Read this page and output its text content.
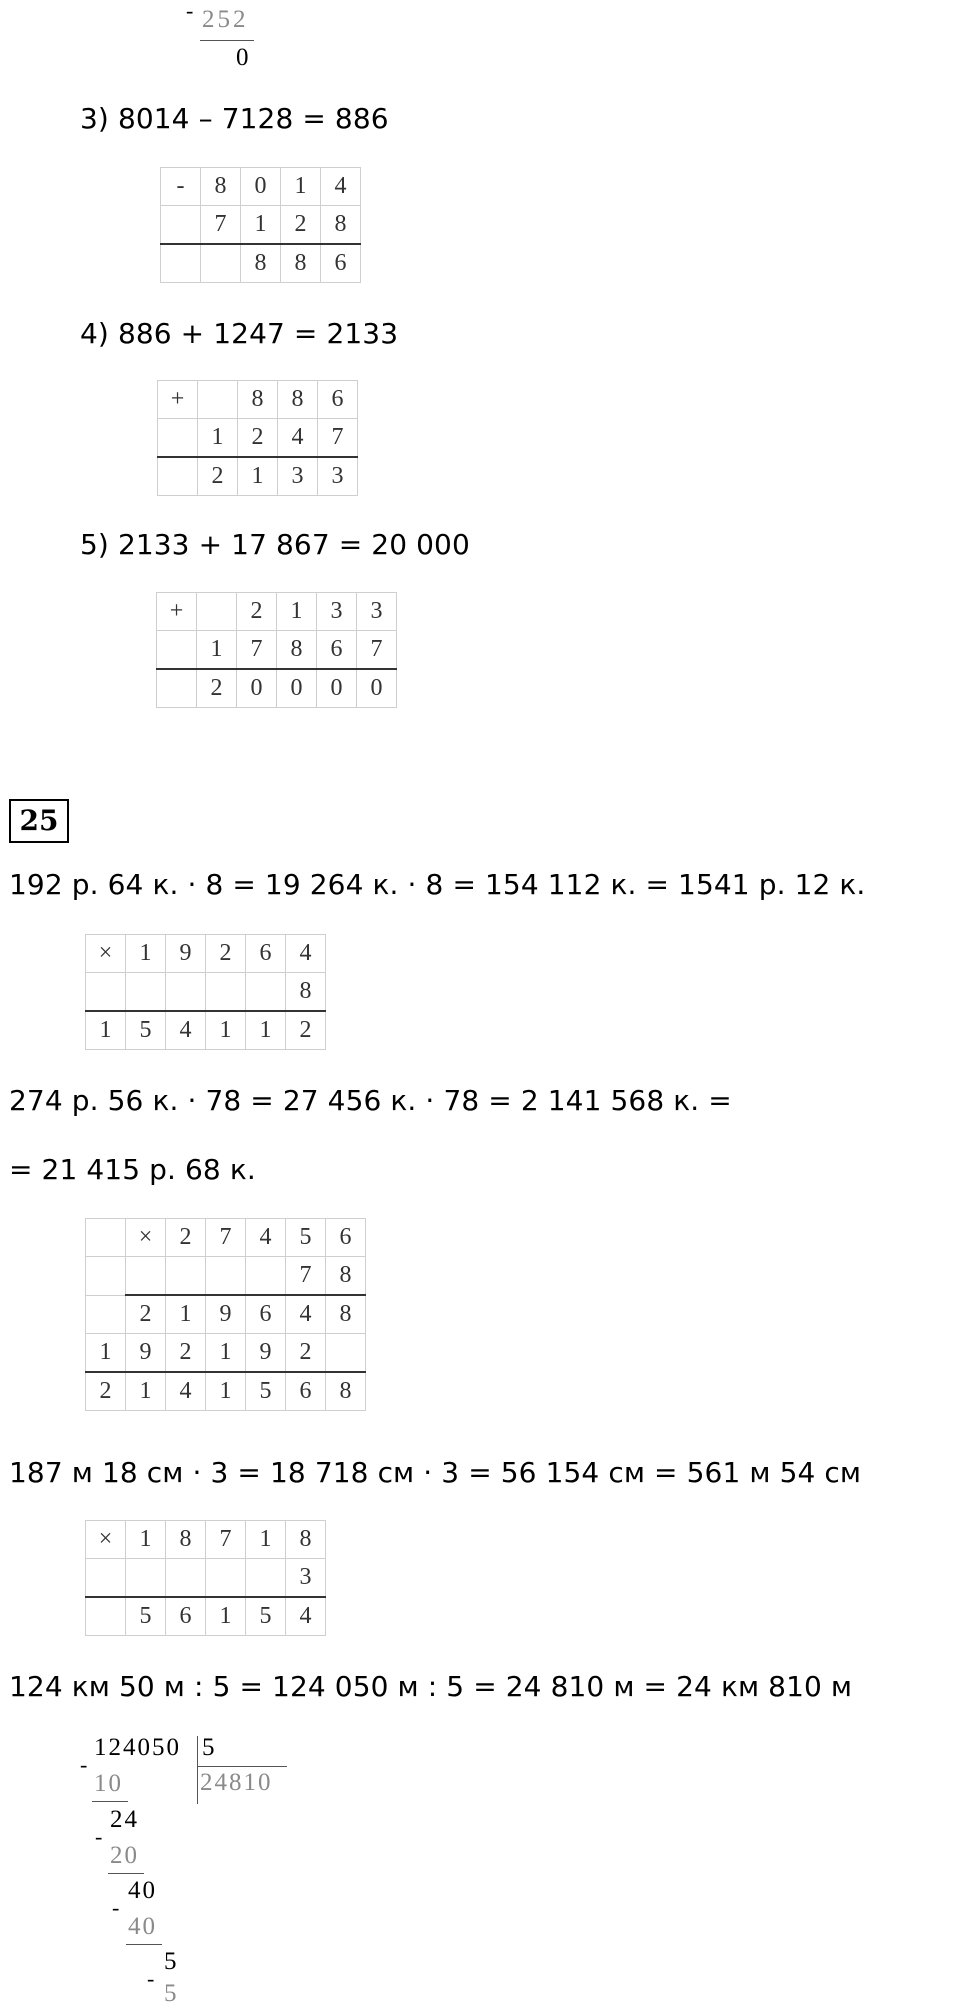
- 252
0
3) 8014 – 7128 = 886
-	8	0	1	4
	7	1	2	8
		8	8	6
4) 886 + 1247 = 2133
+		8	8	6
	1	2	4	7
	2	1	3	3
5) 2133 + 17 867 = 20 000
+		2	1	3	3
	1	7	8	6	7
	2	0	0	0	0
25
192 р. 64 к. · 8 = 19 264 к. · 8 = 154 112 к. = 1541 р. 12 к.
×	1	9	2	6	4
					8
1	5	4	1	1	2
274 р. 56 к. · 78 = 27 456 к. · 78 = 2 141 568 к. =
= 21 415 р. 68 к.
	×	2	7	4	5	6
					7	8
	2	1	9	6	4	8
1	9	2	1	9	2	
2	1	4	1	5	6	8
187 м 18 см · 3 = 18 718 см · 3 = 56 154 см = 561 м 54 см
×	1	8	7	1	8
					3
	5	6	1	5	4
124 км 50 м : 5 = 124 050 м : 5 = 24 810 м = 24 км 810 м
124050 5
24810
-
10
24
-
20
40
-
40
5
-
5
